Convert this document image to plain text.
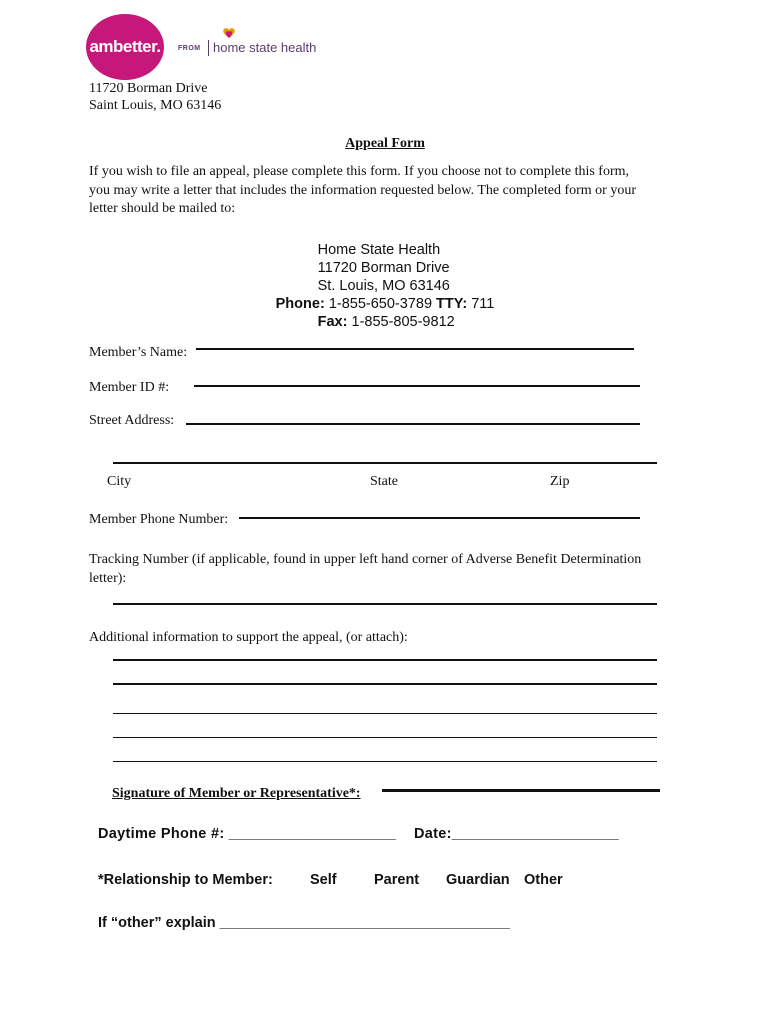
ambetter. FROM home state health
11720 Borman Drive
Saint Louis, MO 63146
Appeal Form
If you wish to file an appeal, please complete this form. If you choose not to complete this form, you may write a letter that includes the information requested below. The completed form or your letter should be mailed to:
Home State Health
11720 Borman Drive
St. Louis, MO 63146
Phone: 1-855-650-3789 TTY: 711
Fax: 1-855-805-9812
Member’s Name:
Member ID #:
Street Address:
City	State	Zip
Member Phone Number:
Tracking Number (if applicable, found in upper left hand corner of Adverse Benefit Determination letter):
Additional information to support the appeal, (or attach):
Signature of Member or Representative*:
Daytime Phone #: ____________________ Date:____________________
*Relationship to Member:	Self	Parent Guardian Other
If “other” explain ____________________________________
